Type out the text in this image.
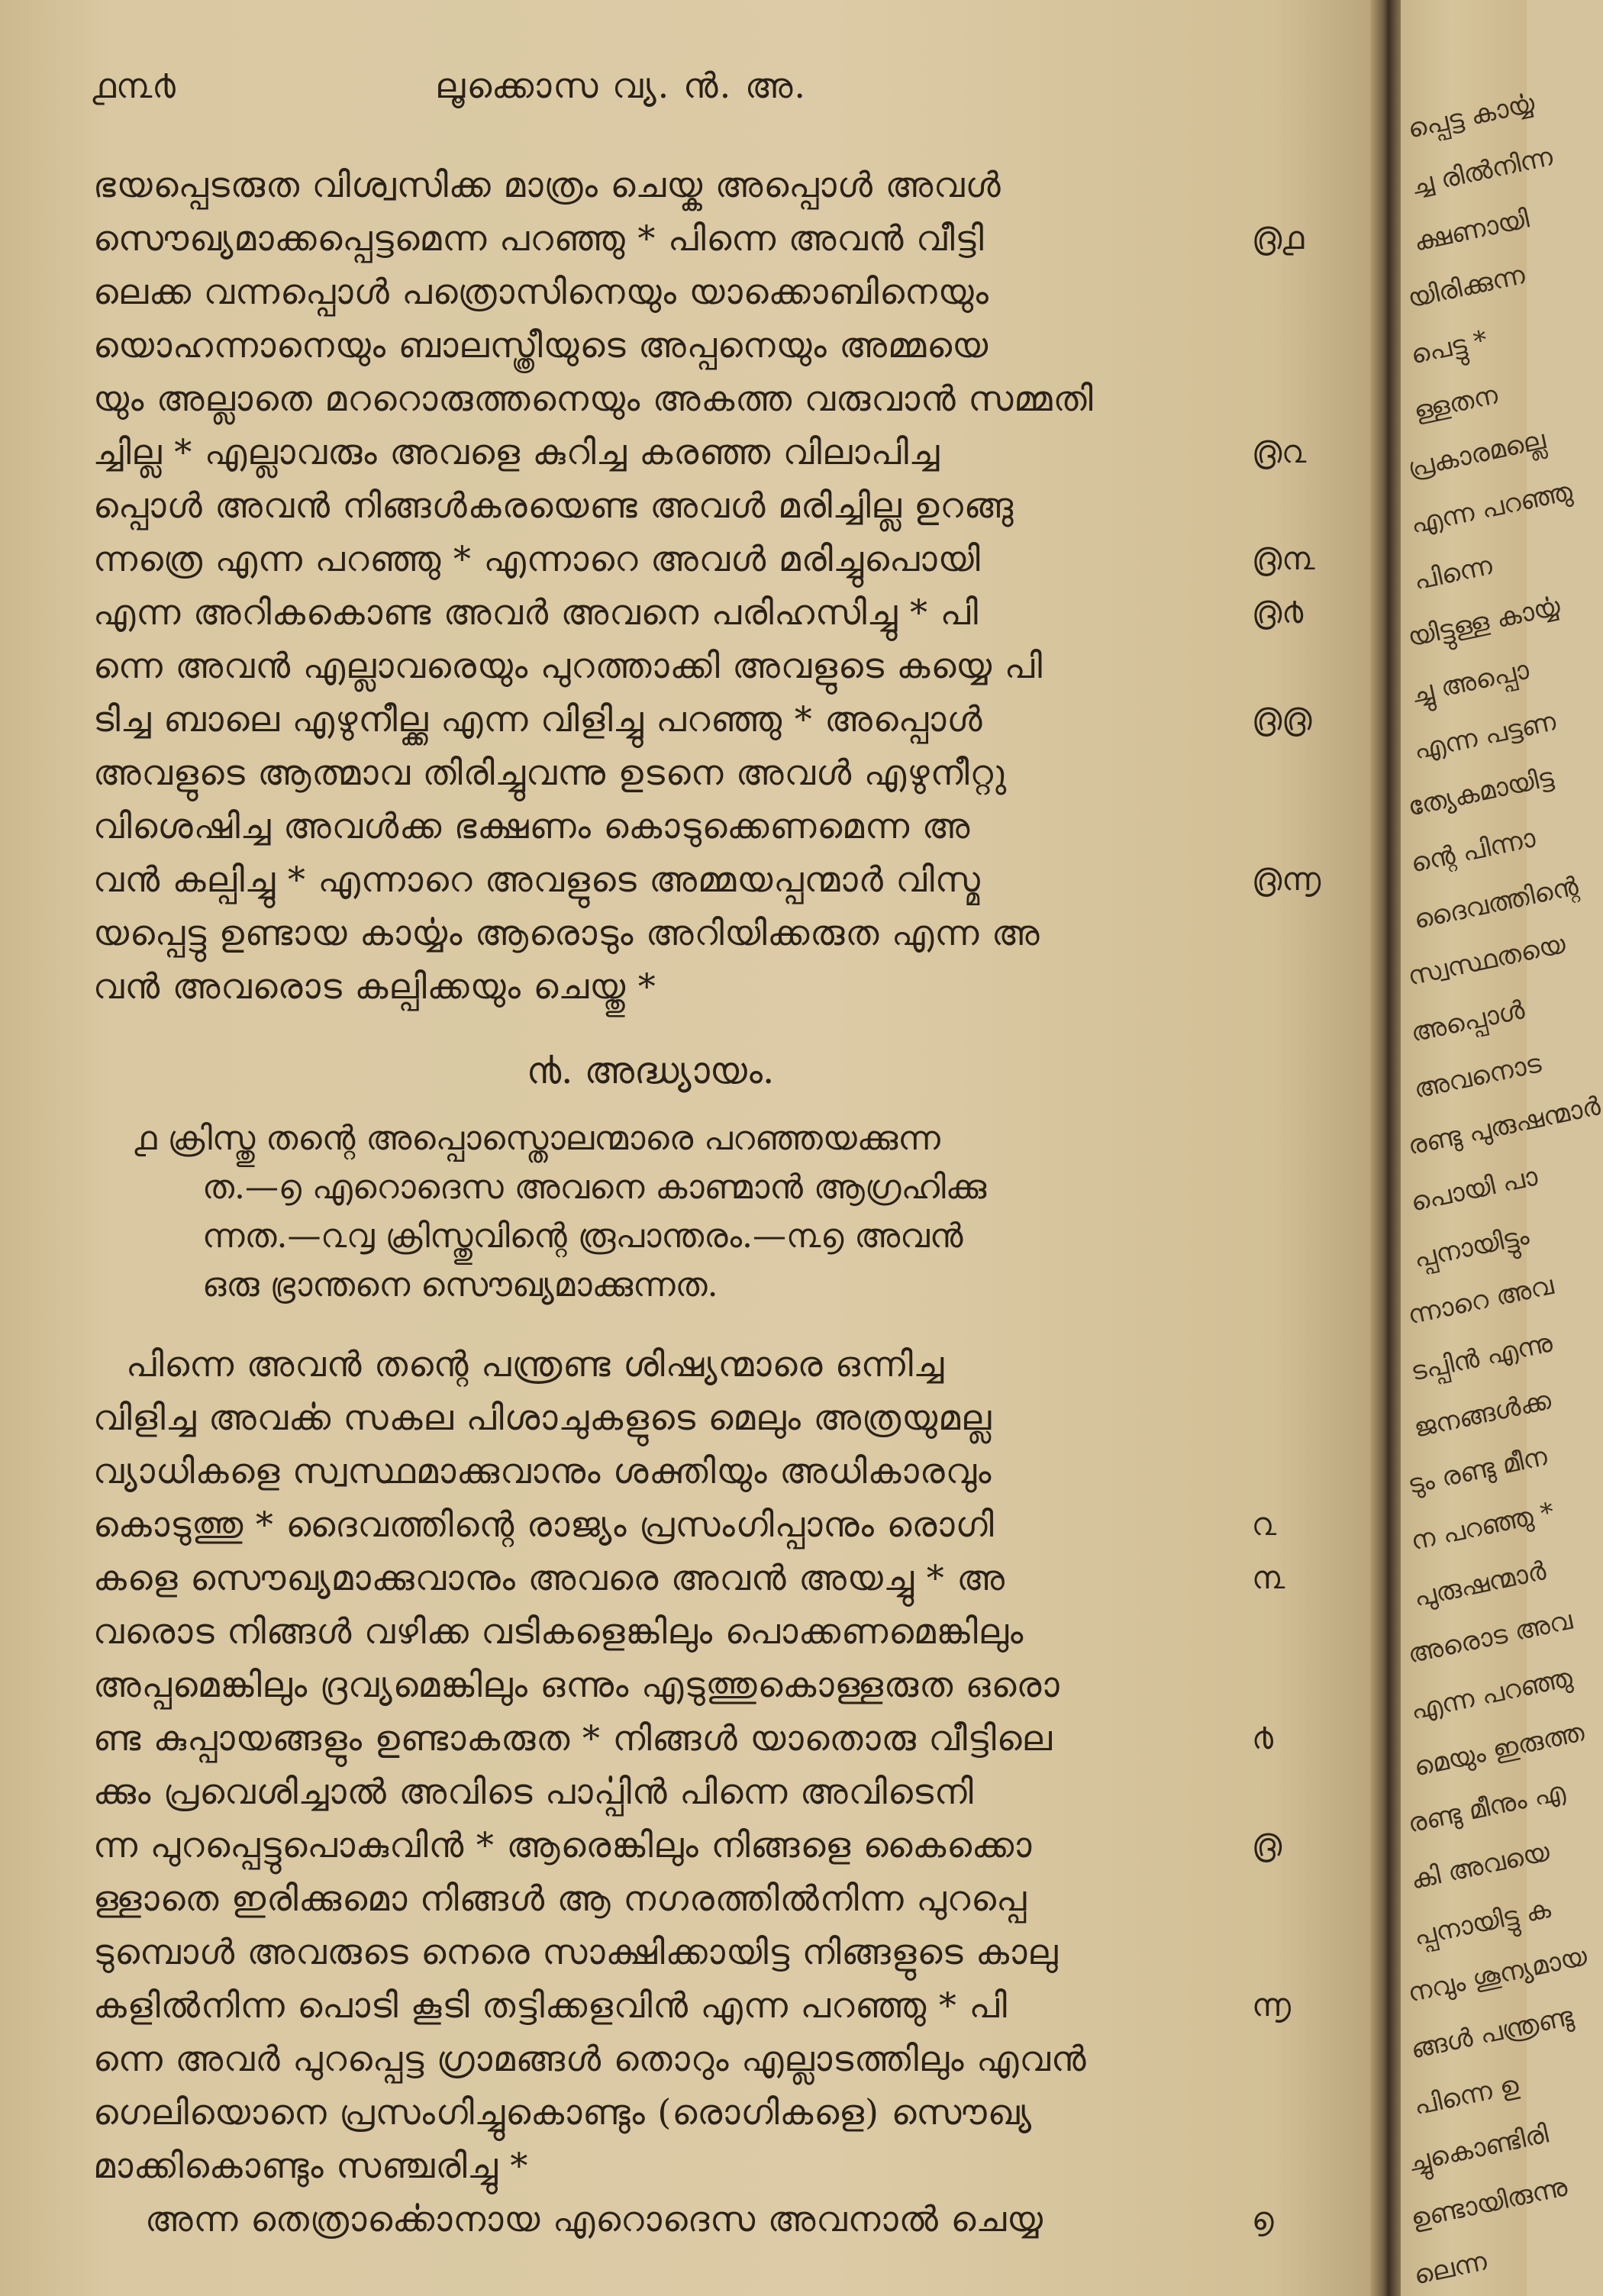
പ്പെട്ട കാൎയ്യ
ച്ച രിൽനിന്ന
ക്ഷണായി
യിരിക്കുന്ന
പെട്ടു *
ള്ളതന
പ്രകാരമല്ലെ
എന്ന പറഞ്ഞു
പിന്നെ
യിട്ടുള്ള കാൎയ്യ
ച്ചു അപ്പൊ
എന്ന പട്ടണ
ത്യേകമായിട്ട
ന്റെ പിന്നാ
ദൈവത്തിന്റെ
സ്വസ്ഥതയെ
അപ്പൊൾ
അവനൊട
രണ്ടു പുരുഷന്മാർ
പൊയി പാ
പ്പനായിട്ടും
ന്നാറെ അവ
ടപ്പിൻ എന്നു
ജനങ്ങൾക്ക
ടും രണ്ടു മീന
ന പറഞ്ഞു *
പുരുഷന്മാർ
അരൊട അവ
എന്ന പറഞ്ഞു
മെയും ഇരുത്ത
രണ്ടു മീനും എ
കി അവയെ
പ്പനായിട്ടു ക
നവും ശൂന്യമായ
ങ്ങൾ പന്ത്രണ്ടു
പിന്നെ ഉ
ച്ചുകൊണ്ടിരി
ഉണ്ടായിരുന്നു
ലെന്ന
൧൩൪	ലൂക്കൊസ വ്യ. ൻ. അ.
ഭയപ്പെടരുത വിശ്വസിക്ക മാത്രം ചെയ്ക അപ്പൊൾ അവൾ
സൌഖ്യമാക്കപ്പെട്ടമെന്ന പറഞ്ഞു * പിന്നെ അവൻ വീട്ടി
ലെക്ക വന്നപ്പൊൾ പത്രൊസിനെയും യാക്കൊബിനെയും
യൊഹന്നാനെയും ബാലസ്ത്രീയുടെ അപ്പനെയും അമ്മയെ
യും അല്ലാതെ മററൊരുത്തനെയും അകത്ത വരുവാൻ സമ്മതി
ച്ചില്ല * എല്ലാവരും അവളെ കുറിച്ച കരഞ്ഞ വിലാപിച്ച
പ്പൊൾ അവൻ നിങ്ങൾകരയെണ്ട അവൾ മരിച്ചില്ല ഉറങ്ങു
ന്നത്രെ എന്ന പറഞ്ഞു * എന്നാറെ അവൾ മരിച്ചുപൊയി
എന്ന അറികകൊണ്ട അവർ അവനെ പരിഹസിച്ചു * പി
ന്നെ അവൻ എല്ലാവരെയും പുറത്താക്കി അവളുടെ കയ്യെ പി
ടിച്ച ബാലെ എഴുനീല്ക്ക എന്ന വിളിച്ചു പറഞ്ഞു * അപ്പൊൾ
അവളുടെ ആത്മാവ തിരിച്ചുവന്നു ഉടനെ അവൾ എഴുനീറ്റു
വിശെഷിച്ച അവൾക്ക ഭക്ഷണം കൊടുക്കെണമെന്ന അ
വൻ കല്പിച്ചു * എന്നാറെ അവളുടെ അമ്മയപ്പന്മാർ വിസ്മ
യപ്പെട്ടു ഉണ്ടായ കാൎയ്യം ആരൊടും അറിയിക്കരുത എന്ന അ
വൻ അവരൊട കല്പിക്കയും ചെയ്തു *
൫൧
൫൨
൫൩
൫൪
൫൫
൫൬
൯. അദ്ധ്യായം.
൧ ക്രിസ്തു തന്റെ അപ്പൊസ്തൊലന്മാരെ പറഞ്ഞയക്കുന്ന
ത.—൭ എറൊദെസ അവനെ കാണ്മാൻ ആഗ്രഹിക്കു
ന്നത.—൨൮ ക്രിസ്തുവിന്റെ രൂപാന്തരം.—൩൭ അവൻ
ഒരു ഭ്രാന്തനെ സൌഖ്യമാക്കുന്നത.
പിന്നെ അവൻ തന്റെ പന്ത്രണ്ട ശിഷ്യന്മാരെ ഒന്നിച്ച
വിളിച്ച അവൎക്ക സകല പിശാചുകളുടെ മെലും അത്രയുമല്ല
വ്യാധികളെ സ്വസ്ഥമാക്കുവാനും ശക്തിയും അധികാരവും
കൊടുത്തു * ദൈവത്തിന്റെ രാജ്യം പ്രസംഗിപ്പാനും രൊഗി
കളെ സൌഖ്യമാക്കുവാനും അവരെ അവൻ അയച്ചു * അ
വരൊട നിങ്ങൾ വഴിക്ക വടികളെങ്കിലും പൊക്കണമെങ്കിലും
അപ്പമെങ്കിലും ദ്രവ്യമെങ്കിലും ഒന്നും എടുത്തുകൊള്ളരുത ഒരൊ
ണ്ട കുപ്പായങ്ങളും ഉണ്ടാകരുത * നിങ്ങൾ യാതൊരു വീട്ടിലെ
ക്കും പ്രവെശിച്ചാൽ അവിടെ പാൎപ്പിൻ പിന്നെ അവിടെനി
ന്ന പുറപ്പെട്ടുപൊകുവിൻ * ആരെങ്കിലും നിങ്ങളെ കൈക്കൊ
ള്ളാതെ ഇരിക്കുമൊ നിങ്ങൾ ആ നഗരത്തിൽനിന്ന പുറപ്പെ
ടുമ്പൊൾ അവരുടെ നെരെ സാക്ഷിക്കായിട്ട നിങ്ങളുടെ കാലു
കളിൽനിന്ന പൊടി കൂടി തട്ടിക്കളവിൻ എന്ന പറഞ്ഞു * പി
ന്നെ അവർ പുറപ്പെട്ട ഗ്രാമങ്ങൾ തൊറും എല്ലാടത്തിലും എവൻ
ഗെലിയൊനെ പ്രസംഗിച്ചുകൊണ്ടും (രൊഗികളെ) സൌഖ്യ
മാക്കികൊണ്ടും സഞ്ചരിച്ചു *
അന്ന തെത്രാൎക്കൊനായ എറൊദെസ അവനാൽ ചെയ്യ
൨
൩
൪
൫
൬
൭
